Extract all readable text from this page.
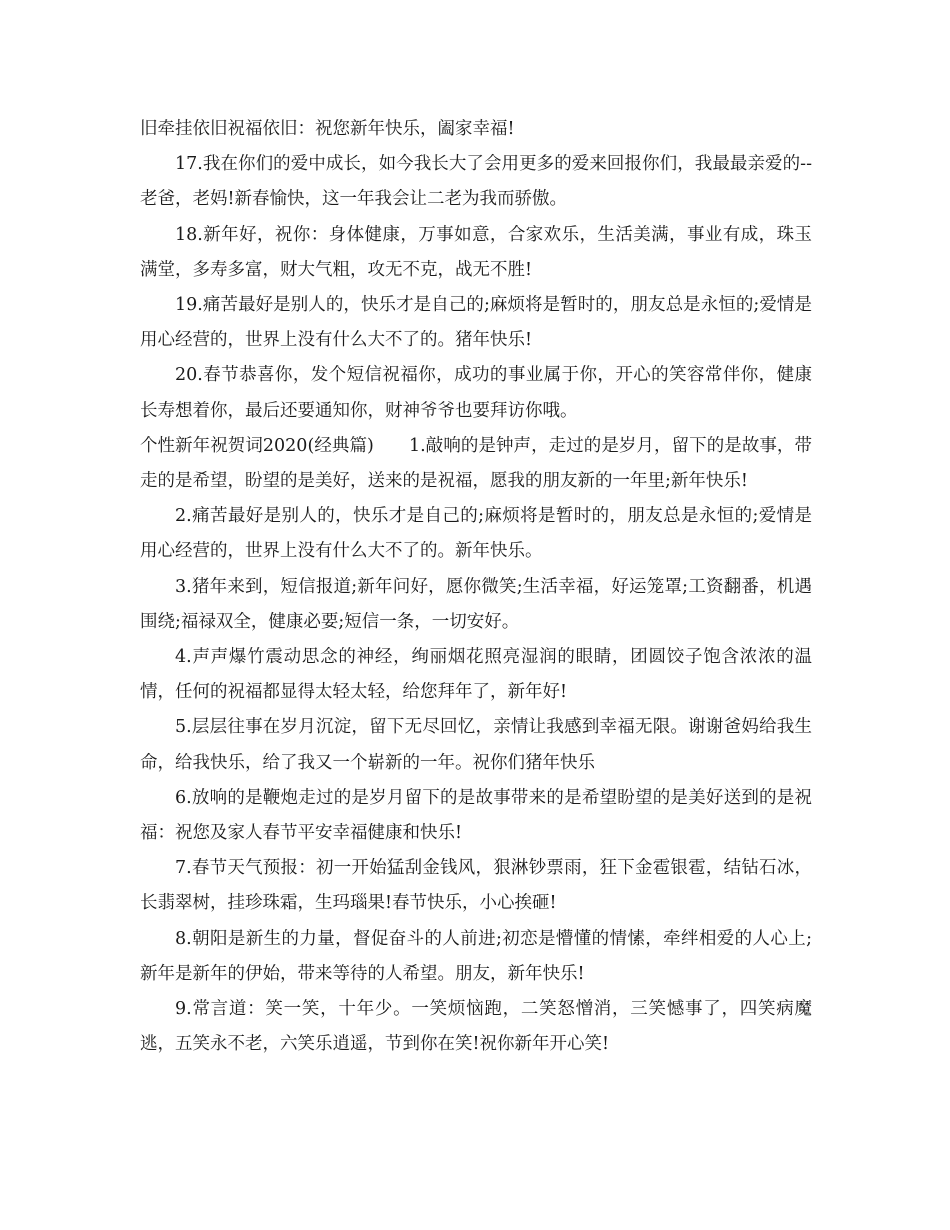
旧牵挂依旧祝福依旧：祝您新年快乐，阖家幸福!

17.我在你们的爱中成长，如今我长大了会用更多的爱来回报你们，我最最亲爱的--老爸，老妈!新春愉快，这一年我会让二老为我而骄傲。

18.新年好，祝你：身体健康，万事如意，合家欢乐，生活美满，事业有成，珠玉满堂，多寿多富，财大气粗，攻无不克，战无不胜!

19.痛苦最好是别人的，快乐才是自己的;麻烦将是暂时的，朋友总是永恒的;爱情是用心经营的，世界上没有什么大不了的。猪年快乐!

20.春节恭喜你，发个短信祝福你，成功的事业属于你，开心的笑容常伴你，健康长寿想着你，最后还要通知你，财神爷爷也要拜访你哦。

个性新年祝贺词2020(经典篇)　　1.敲响的是钟声，走过的是岁月，留下的是故事，带走的是希望，盼望的是美好，送来的是祝福，愿我的朋友新的一年里;新年快乐!

2.痛苦最好是别人的，快乐才是自己的;麻烦将是暂时的，朋友总是永恒的;爱情是用心经营的，世界上没有什么大不了的。新年快乐。

3.猪年来到，短信报道;新年问好，愿你微笑;生活幸福，好运笼罩;工资翻番，机遇围绕;福禄双全，健康必要;短信一条，一切安好。

4.声声爆竹震动思念的神经，绚丽烟花照亮湿润的眼睛，团圆饺子饱含浓浓的温情，任何的祝福都显得太轻太轻，给您拜年了，新年好!

5.层层往事在岁月沉淀，留下无尽回忆，亲情让我感到幸福无限。谢谢爸妈给我生命，给我快乐，给了我又一个崭新的一年。祝你们猪年快乐

6.放响的是鞭炮走过的是岁月留下的是故事带来的是希望盼望的是美好送到的是祝福：祝您及家人春节平安幸福健康和快乐!

7.春节天气预报：初一开始猛刮金钱风，狠淋钞票雨，狂下金雹银雹，结钻石冰，长翡翠树，挂珍珠霜，生玛瑙果!春节快乐，小心挨砸!

8.朝阳是新生的力量，督促奋斗的人前进;初恋是懵懂的情愫，牵绊相爱的人心上;新年是新年的伊始，带来等待的人希望。朋友，新年快乐!

9.常言道：笑一笑，十年少。一笑烦恼跑，二笑怒憎消，三笑憾事了，四笑病魔逃，五笑永不老，六笑乐逍遥，节到你在笑!祝你新年开心笑!
